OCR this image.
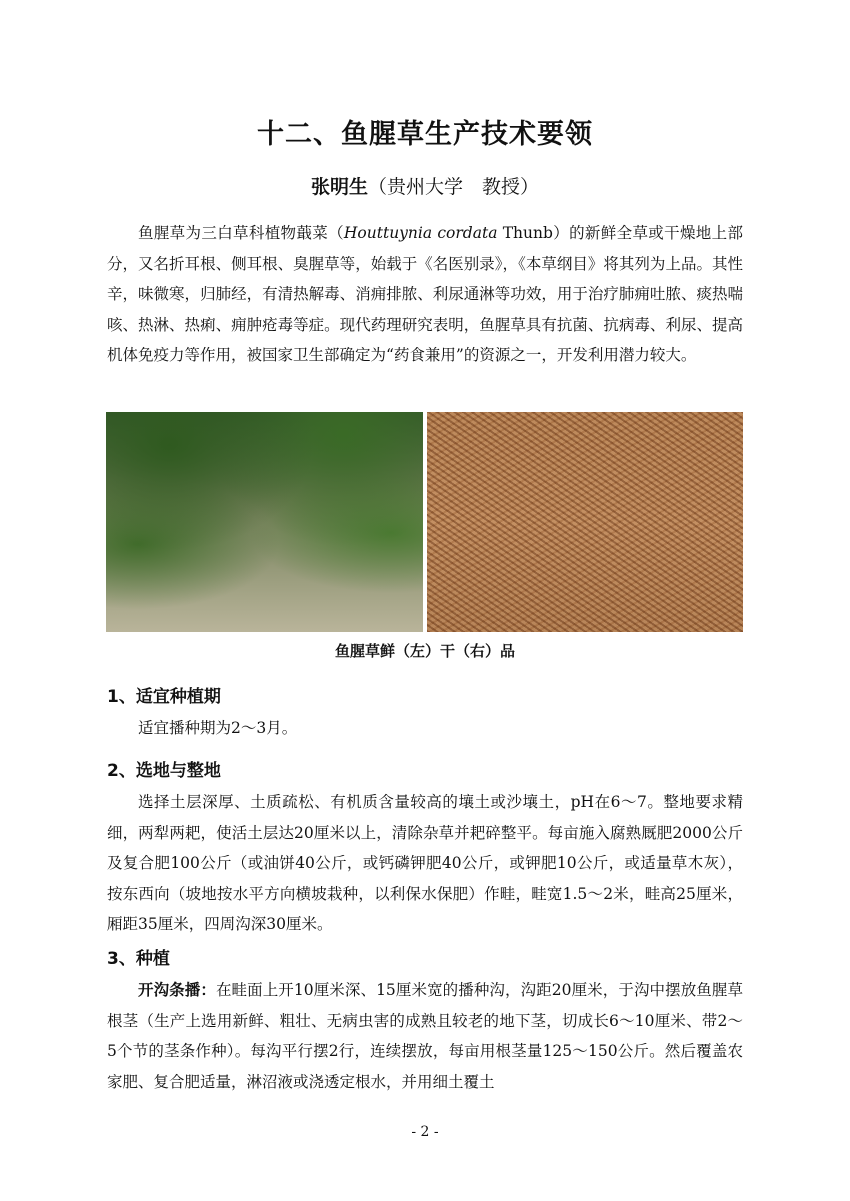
十二、鱼腥草生产技术要领
张明生（贵州大学　教授）

鱼腥草为三白草科植物蕺菜（Houttuynia cordata Thunb）的新鲜全草或干燥地上部分，又名折耳根、侧耳根、臭腥草等，始载于《名医别录》，《本草纲目》将其列为上品。其性辛，味微寒，归肺经，有清热解毒、消痈排脓、利尿通淋等功效，用于治疗肺痈吐脓、痰热喘咳、热淋、热痢、痈肿疮毒等症。现代药理研究表明，鱼腥草具有抗菌、抗病毒、利尿、提高机体免疫力等作用，被国家卫生部确定为“药食兼用”的资源之一，开发利用潜力较大。

鱼腥草鲜（左）干（右）品
1、适宜种植期

适宜播种期为2～3月。

2、选地与整地

选择土层深厚、土质疏松、有机质含量较高的壤土或沙壤土，pH在6～7。整地要求精细，两犁两耙，使活土层达20厘米以上，清除杂草并耙碎整平。每亩施入腐熟厩肥2000公斤及复合肥100公斤（或油饼40公斤，或钙磷钾肥40公斤，或钾肥10公斤，或适量草木灰），按东西向（坡地按水平方向横坡栽种，以利保水保肥）作畦，畦宽1.5～2米，畦高25厘米，厢距35厘米，四周沟深30厘米。

3、种植

开沟条播：在畦面上开10厘米深、15厘米宽的播种沟，沟距20厘米，于沟中摆放鱼腥草根茎（生产上选用新鲜、粗壮、无病虫害的成熟且较老的地下茎，切成长6～10厘米、带2～5个节的茎条作种）。每沟平行摆2行，连续摆放，每亩用根茎量125～150公斤。然后覆盖农家肥、复合肥适量，淋沼液或浇透定根水，并用细土覆土

- 2 -
